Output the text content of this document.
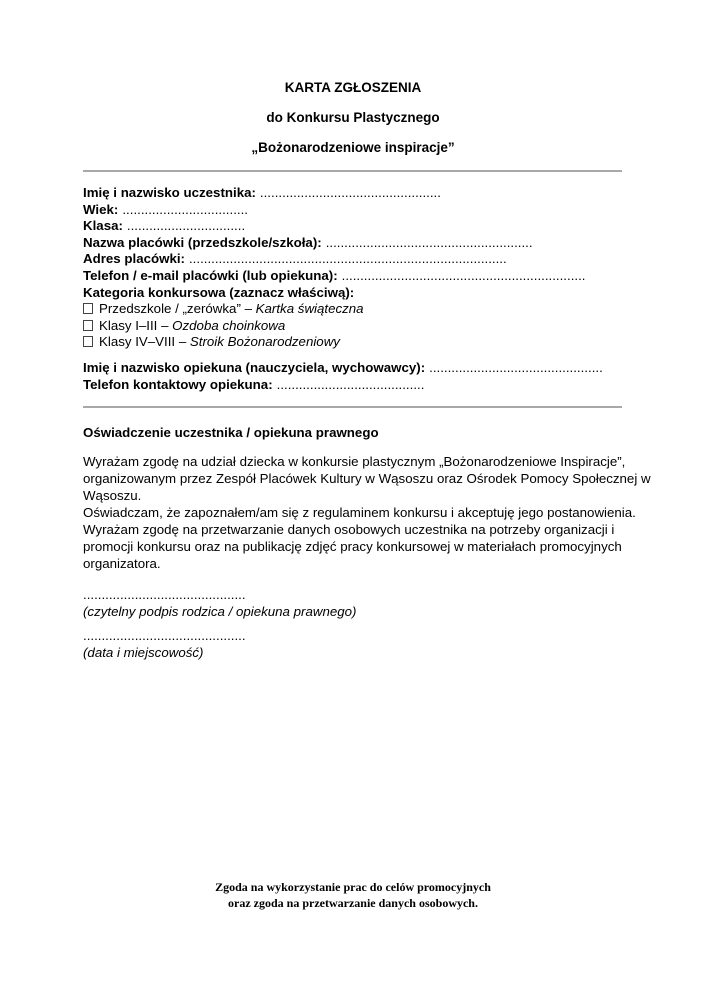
KARTA ZGŁOSZENIA
do Konkursu Plastycznego
„Bożonarodzeniowe inspiracje”
Imię i nazwisko uczestnika: .................................................
Wiek: ..................................
Klasa: ................................
Nazwa placówki (przedszkole/szkoła): ........................................................
Adres placówki: ......................................................................................
Telefon / e-mail placówki (lub opiekuna): ..................................................................
Kategoria konkursowa (zaznacz właściwą):
Przedszkole / „zerówka” – Kartka świąteczna
Klasy I–III – Ozdoba choinkowa
Klasy IV–VIII – Stroik Bożonarodzeniowy
Imię i nazwisko opiekuna (nauczyciela, wychowawcy): ...............................................
Telefon kontaktowy opiekuna: ........................................
Oświadczenie uczestnika / opiekuna prawnego
Wyrażam zgodę na udział dziecka w konkursie plastycznym „Bożonarodzeniowe Inspiracje”, organizowanym przez Zespół Placówek Kultury w Wąsoszu oraz Ośrodek Pomocy Społecznej w Wąsoszu.
Oświadczam, że zapoznałem/am się z regulaminem konkursu i akceptuję jego postanowienia.
Wyrażam zgodę na przetwarzanie danych osobowych uczestnika na potrzeby organizacji i promocji konkursu oraz na publikację zdjęć pracy konkursowej w materiałach promocyjnych organizatora.
............................................
(czytelny podpis rodzica / opiekuna prawnego)
............................................
(data i miejscowość)
Zgoda na wykorzystanie prac do celów promocyjnych
oraz zgoda na przetwarzanie danych osobowych.
